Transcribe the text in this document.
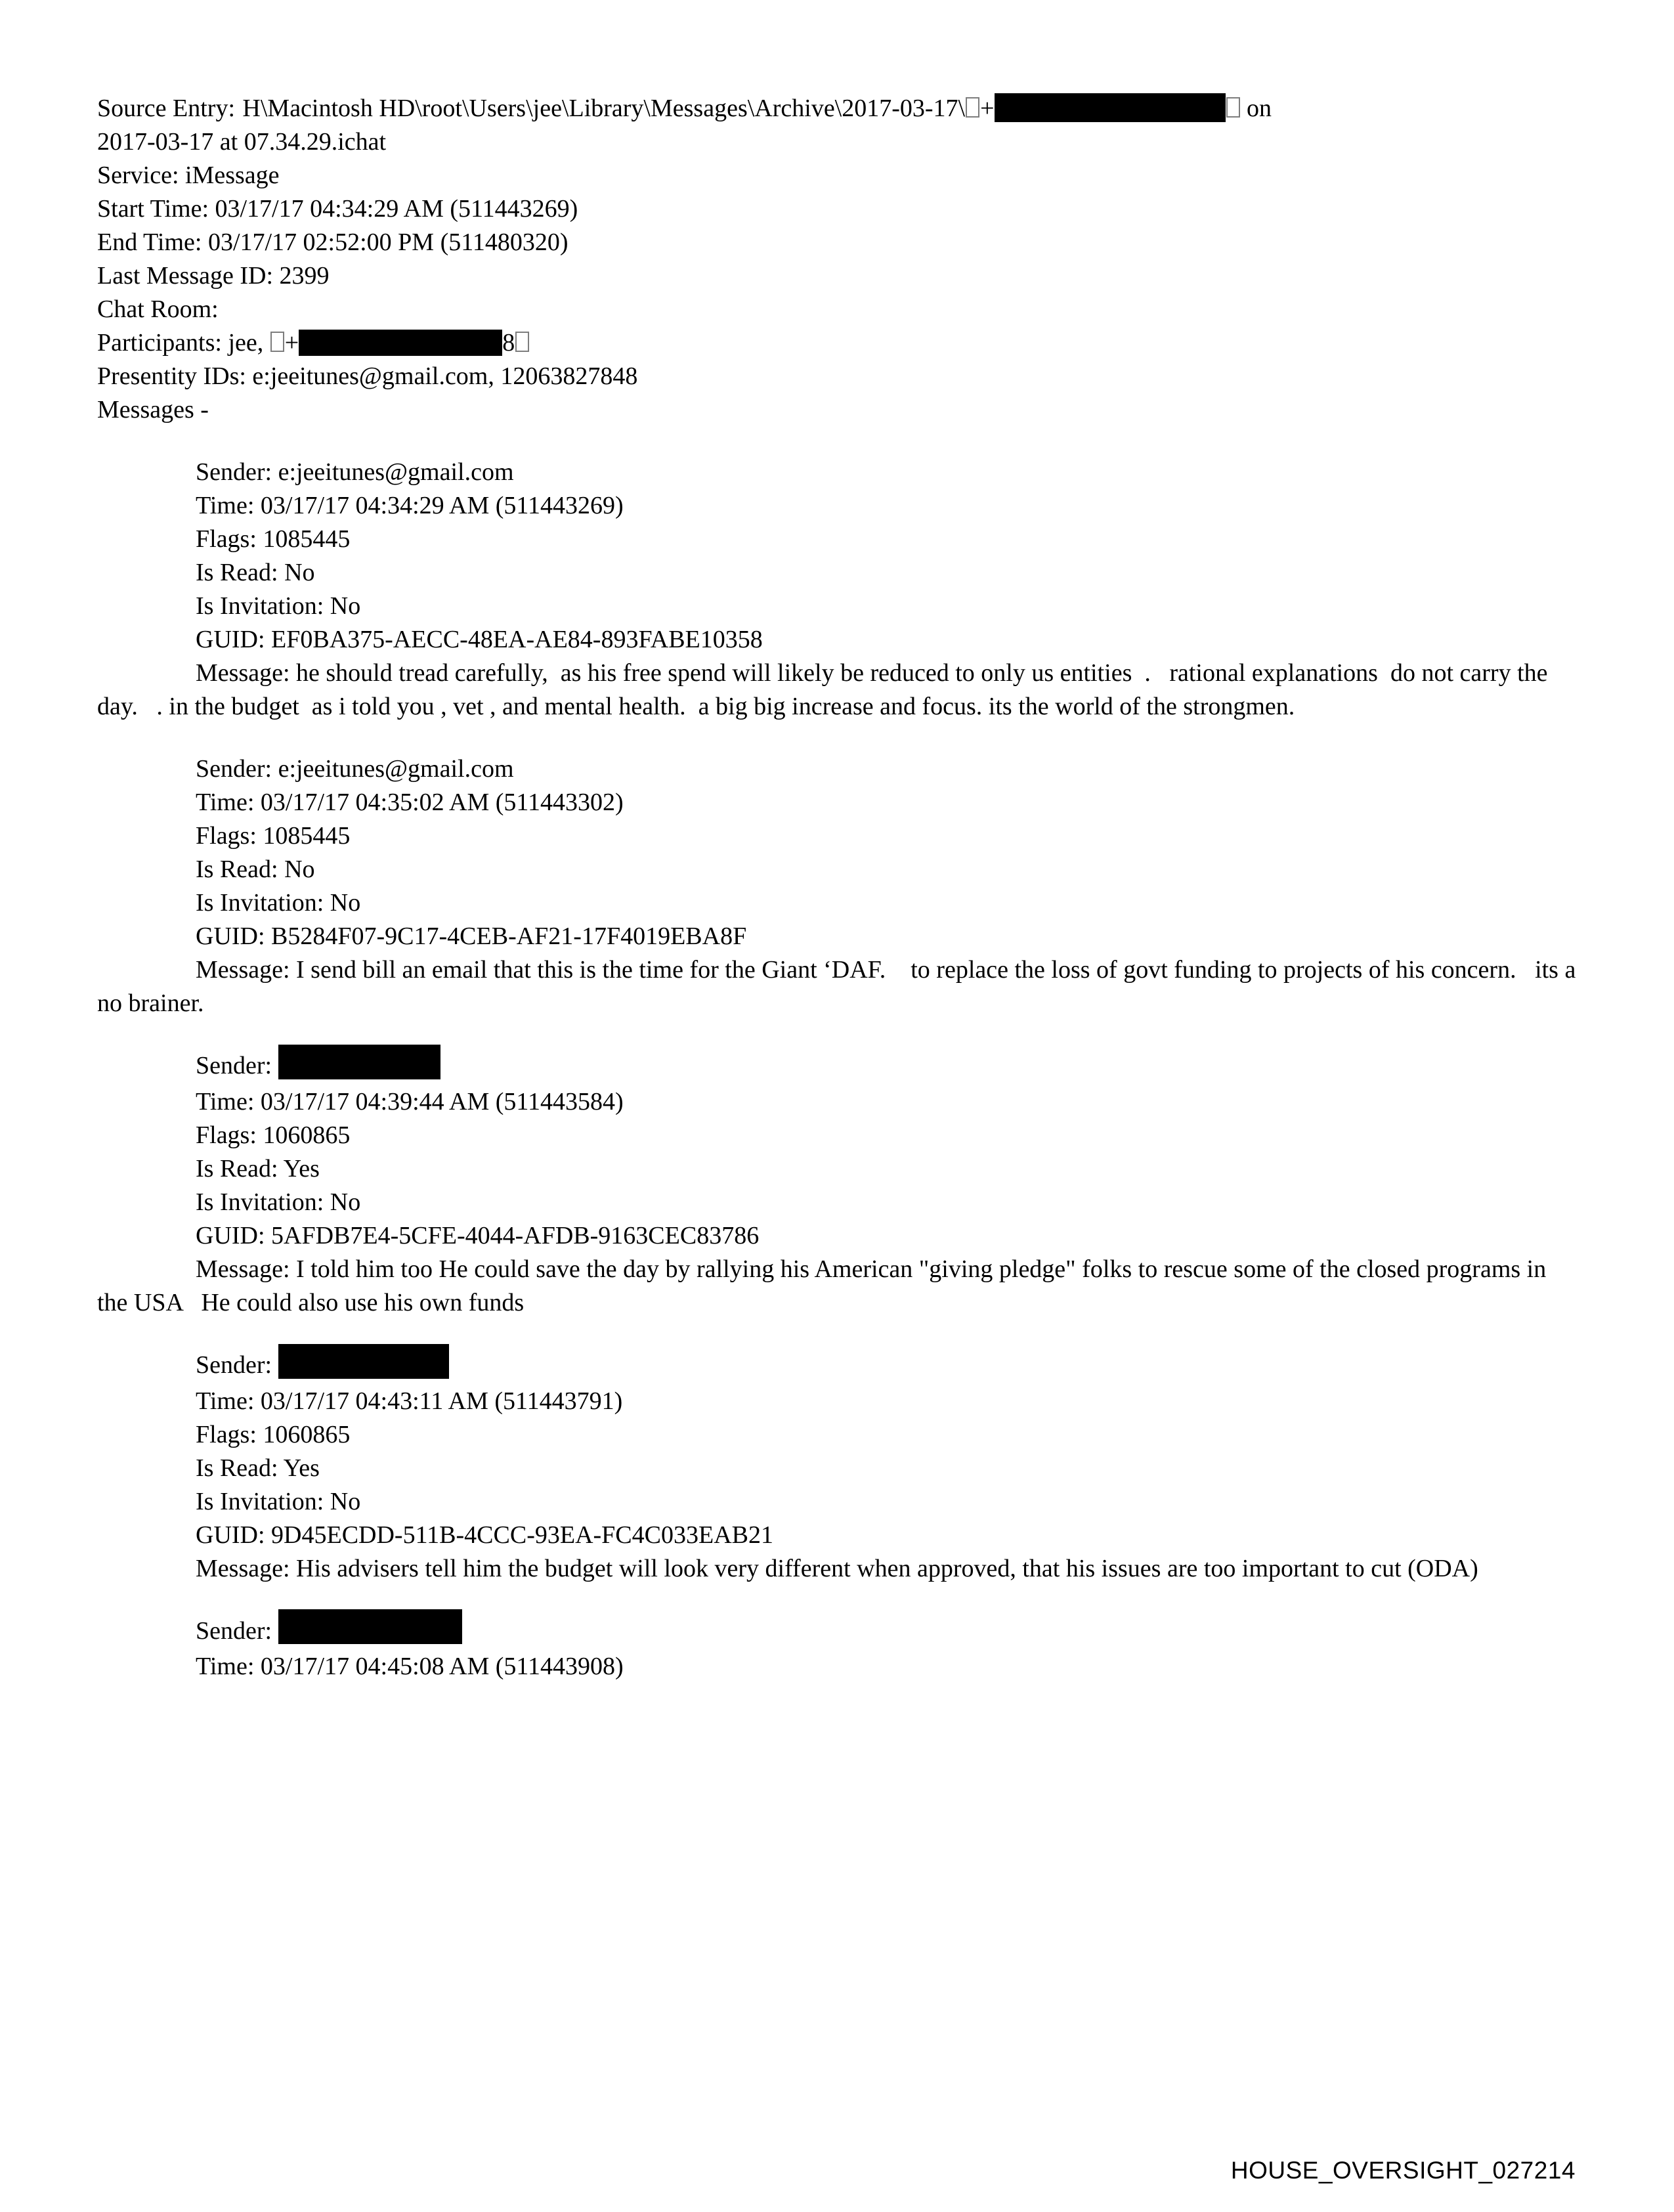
Source Entry: H\Macintosh HD\root\Users\jee\Library\Messages\Archive\2017-03-17\ +	on
2017-03-17 at 07.34.29.ichat
Service: iMessage
Start Time: 03/17/17 04:34:29 AM (511443269)
End Time: 03/17/17 02:52:00 PM (511480320)
Last Message ID: 2399
Chat Room:
Participants: jee, +	8
Presentity IDs: e:jeeitunes@gmail.com, 12063827848
Messages -
Sender: e:jeeitunes@gmail.com
Time: 03/17/17 04:34:29 AM (511443269)
Flags: 1085445
Is Read: No
Is Invitation: No
GUID: EF0BA375-AECC-48EA-AE84-893FABE10358
Message: he should tread carefully,  as his free spend will likely be reduced to only us entities  .   rational explanations  do not carry the day.   . in the budget  as i told you , vet , and mental health.  a big big increase and focus. its the world of the strongmen.
Sender: e:jeeitunes@gmail.com
Time: 03/17/17 04:35:02 AM (511443302)
Flags: 1085445
Is Read: No
Is Invitation: No
GUID: B5284F07-9C17-4CEB-AF21-17F4019EBA8F
Message: I send bill an email that this is the time for the Giant ‘DAF.    to replace the loss of govt funding to projects of his concern.   its a no brainer.
Sender:
Time: 03/17/17 04:39:44 AM (511443584)
Flags: 1060865
Is Read: Yes
Is Invitation: No
GUID: 5AFDB7E4-5CFE-4044-AFDB-9163CEC83786
Message: I told him too He could save the day by rallying his American "giving pledge" folks to rescue some of the closed programs in the USA   He could also use his own funds
Sender:
Time: 03/17/17 04:43:11 AM (511443791)
Flags: 1060865
Is Read: Yes
Is Invitation: No
GUID: 9D45ECDD-511B-4CCC-93EA-FC4C033EAB21
Message: His advisers tell him the budget will look very different when approved, that his issues are too important to cut (ODA)
Sender:
Time: 03/17/17 04:45:08 AM (511443908)
HOUSE_OVERSIGHT_027214
